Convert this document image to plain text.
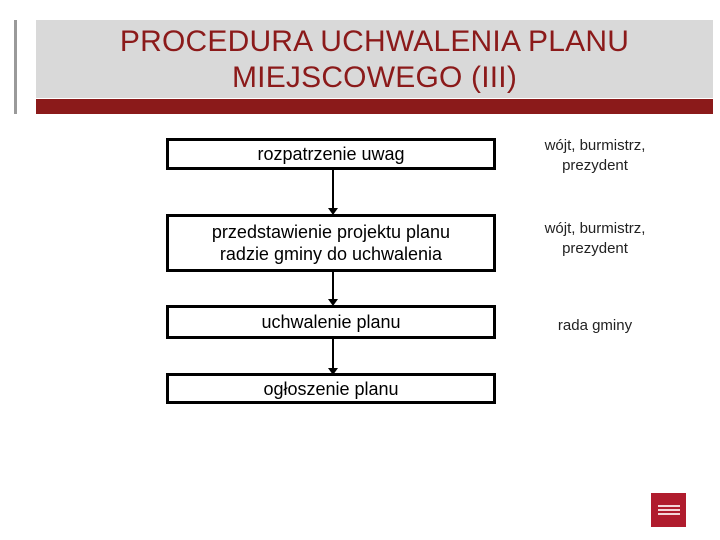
PROCEDURA UCHWALENIA PLANU
MIEJSCOWEGO (III)
rozpatrzenie uwag
przedstawienie projektu planu
radzie gminy do uchwalenia
uchwalenie planu
ogłoszenie planu
wójt, burmistrz,
prezydent
wójt, burmistrz,
prezydent
rada gminy
